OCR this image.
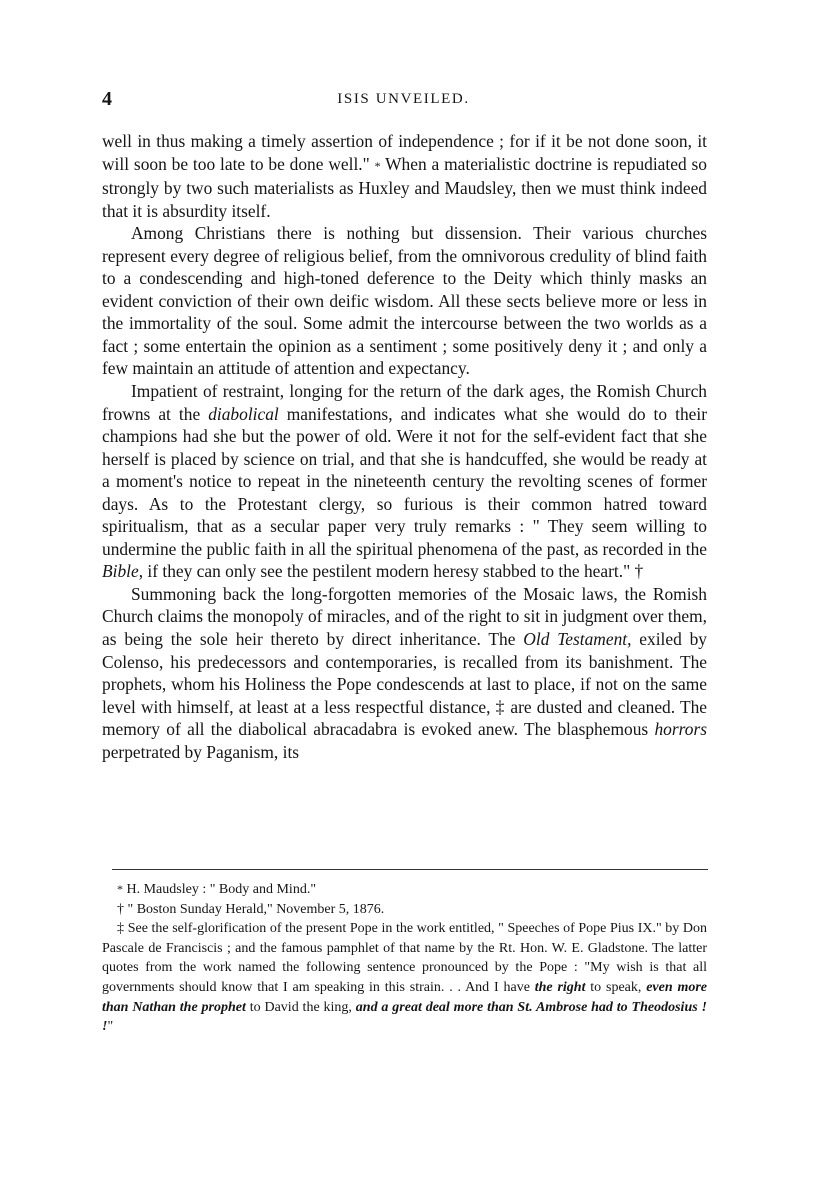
4	ISIS UNVEILED.

well in thus making a timely assertion of independence ; for if it be not done soon, it will soon be too late to be done well." * When a materialistic doctrine is repudiated so strongly by two such materialists as Huxley and Maudsley, then we must think indeed that it is absurdity itself.

Among Christians there is nothing but dissension. Their various churches represent every degree of religious belief, from the omnivorous credulity of blind faith to a condescending and high-toned deference to the Deity which thinly masks an evident conviction of their own deific wisdom. All these sects believe more or less in the immortality of the soul. Some admit the intercourse between the two worlds as a fact ; some entertain the opinion as a sentiment ; some positively deny it ; and only a few maintain an attitude of attention and expectancy.

Impatient of restraint, longing for the return of the dark ages, the Romish Church frowns at the diabolical manifestations, and indicates what she would do to their champions had she but the power of old. Were it not for the self-evident fact that she herself is placed by science on trial, and that she is handcuffed, she would be ready at a moment's notice to repeat in the nineteenth century the revolting scenes of former days. As to the Protestant clergy, so furious is their common hatred toward spiritualism, that as a secular paper very truly remarks : " They seem willing to undermine the public faith in all the spiritual phenomena of the past, as recorded in the Bible, if they can only see the pestilent modern heresy stabbed to the heart." †

Summoning back the long-forgotten memories of the Mosaic laws, the Romish Church claims the monopoly of miracles, and of the right to sit in judgment over them, as being the sole heir thereto by direct inheritance. The Old Testament, exiled by Colenso, his predecessors and contemporaries, is recalled from its banishment. The prophets, whom his Holiness the Pope condescends at last to place, if not on the same level with himself, at least at a less respectful distance, ‡ are dusted and cleaned. The memory of all the diabolical abracadabra is evoked anew. The blasphemous horrors perpetrated by Paganism, its

* H. Maudsley : " Body and Mind."

† " Boston Sunday Herald," November 5, 1876.

‡ See the self-glorification of the present Pope in the work entitled, " Speeches of Pope Pius IX." by Don Pascale de Franciscis ; and the famous pamphlet of that name by the Rt. Hon. W. E. Gladstone. The latter quotes from the work named the following sentence pronounced by the Pope : "My wish is that all governments should know that I am speaking in this strain. . . And I have the right to speak, even more than Nathan the prophet to David the king, and a great deal more than St. Ambrose had to Theodosius ! !"
